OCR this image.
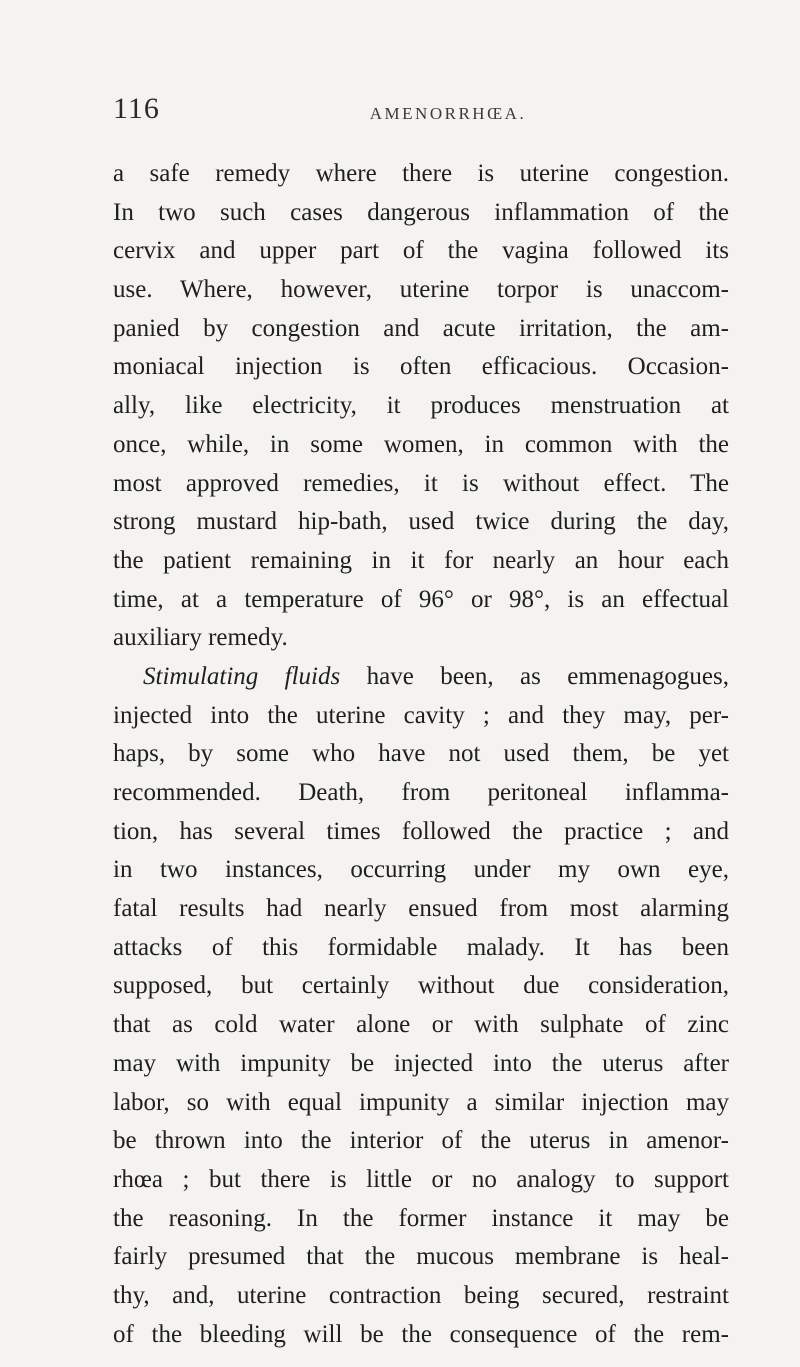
116	AMENORRHŒA.
a safe remedy where there is uterine congestion.
In two such cases dangerous inflammation of the
cervix and upper part of the vagina followed its
use. Where, however, uterine torpor is unaccom-
panied by congestion and acute irritation, the am-
moniacal injection is often efficacious. Occasion-
ally, like electricity, it produces menstruation at
once, while, in some women, in common with the
most approved remedies, it is without effect. The
strong mustard hip-bath, used twice during the day,
the patient remaining in it for nearly an hour each
time, at a temperature of 96° or 98°, is an effectual
auxiliary remedy.
Stimulating fluids have been, as emmenagogues,
injected into the uterine cavity ; and they may, per-
haps, by some who have not used them, be yet
recommended. Death, from peritoneal inflamma-
tion, has several times followed the practice ; and
in two instances, occurring under my own eye,
fatal results had nearly ensued from most alarming
attacks of this formidable malady. It has been
supposed, but certainly without due consideration,
that as cold water alone or with sulphate of zinc
may with impunity be injected into the uterus after
labor, so with equal impunity a similar injection may
be thrown into the interior of the uterus in amenor-
rhœa ; but there is little or no analogy to support
the reasoning. In the former instance it may be
fairly presumed that the mucous membrane is heal-
thy, and, uterine contraction being secured, restraint
of the bleeding will be the consequence of the rem-
